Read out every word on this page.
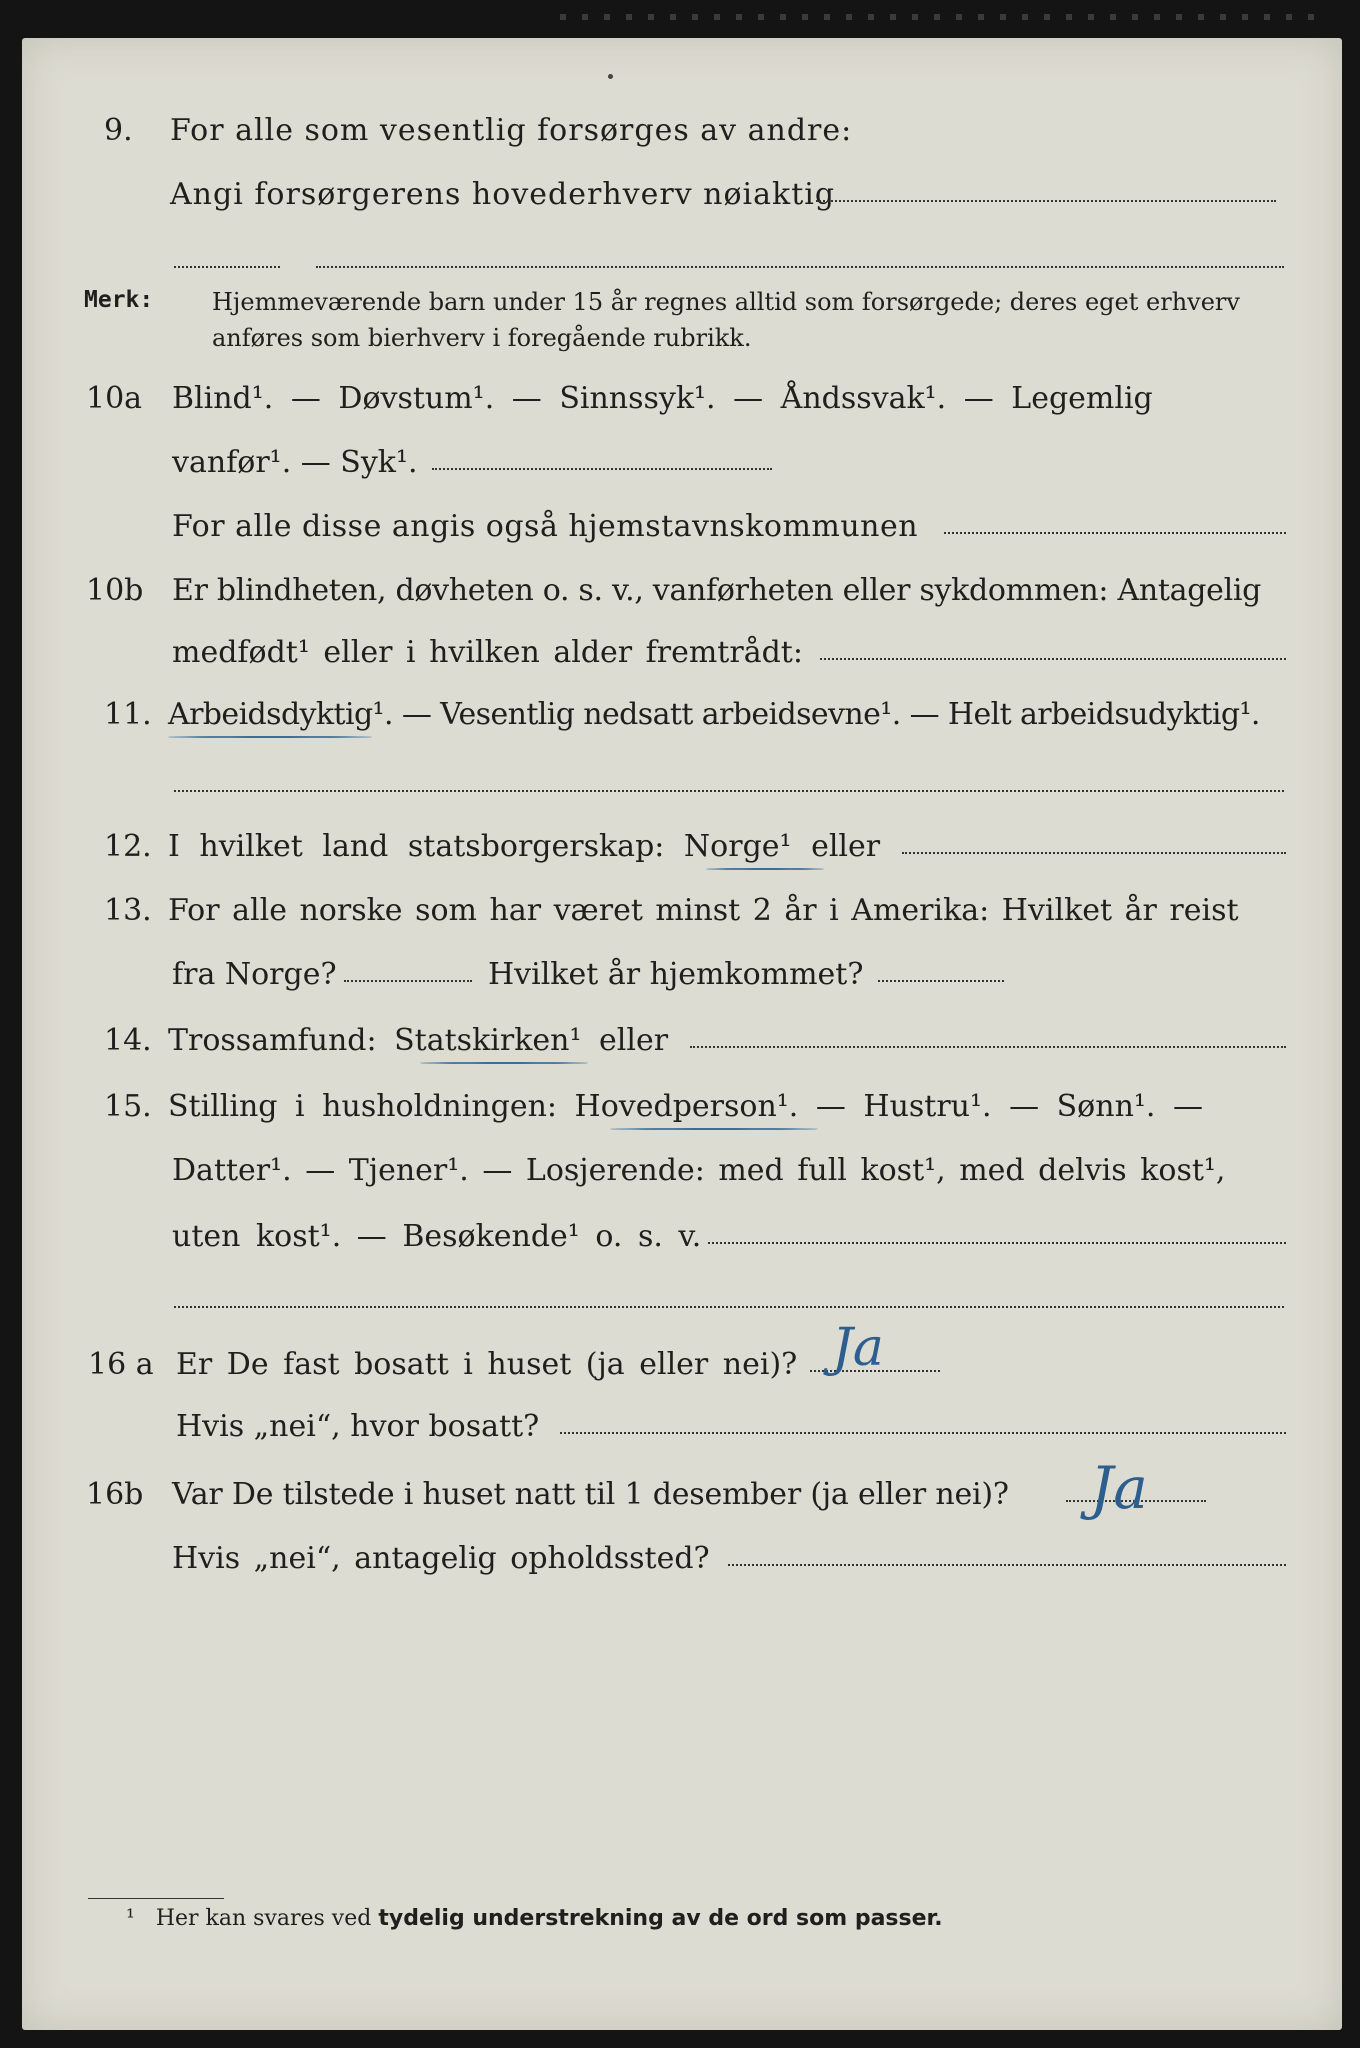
9. For alle som vesentlig forsørges av andre:
Angi forsørgerens hovederhverv nøiaktig
Merk: Hjemmeværende barn under 15 år regnes alltid som forsørgede; deres eget erhverv anføres som bierhverv i foregående rubrikk.
10a Blind¹. — Døvstum¹. — Sinnssyk¹. — Åndssvak¹. — Legemlig
vanfør¹. — Syk¹.
For alle disse angis også hjemstavnskommunen
10b Er blindheten, døvheten o. s. v., vanførheten eller sykdommen: Antagelig
medfødt¹ eller i hvilken alder fremtrådt:
11. Arbeidsdyktig¹. — Vesentlig nedsatt arbeidsevne¹. — Helt arbeidsudyktig¹.
12. I hvilket land statsborgerskap: Norge¹ eller
13. For alle norske som har været minst 2 år i Amerika: Hvilket år reist
fra Norge?	Hvilket år hjemkommet?
14. Trossamfund: Statskirken¹ eller
15. Stilling i husholdningen: Hovedperson¹. — Hustru¹. — Sønn¹. —
Datter¹. — Tjener¹. — Losjerende: med full kost¹, med delvis kost¹,
uten kost¹. — Besøkende¹ o. s. v.
16 a Er De fast bosatt i huset (ja eller nei)? Ja
Hvis „nei“, hvor bosatt?
16b Var De tilstede i huset natt til 1 desember (ja eller nei)? Ja
Hvis „nei“, antagelig opholdssted?
¹ Her kan svares ved tydelig understrekning av de ord som passer.
